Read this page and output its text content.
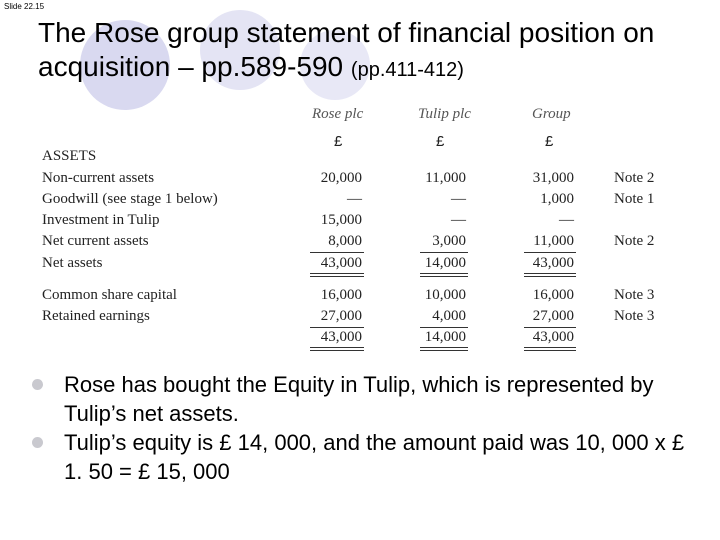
Slide 22.15
The Rose group statement of financial position on acquisition – pp.589-590 (pp.411-412)
Rose plc	Tulip plc	Group
£	£	£
ASSETS
Non-current assets	20,000	11,000	31,000	Note 2
Goodwill (see stage 1 below)	—	—	1,000	Note 1
Investment in Tulip	15,000	—	—
Net current assets	8,000	3,000	11,000	Note 2
Net assets	43,000	14,000	43,000
Common share capital	16,000	10,000	16,000	Note 3
Retained earnings	27,000	4,000	27,000	Note 3
43,000	14,000	43,000
Rose has bought the Equity in Tulip, which is represented by Tulip’s net assets.
Tulip’s equity is £ 14, 000, and the amount paid was 10, 000 x £ 1. 50 = £ 15, 000
